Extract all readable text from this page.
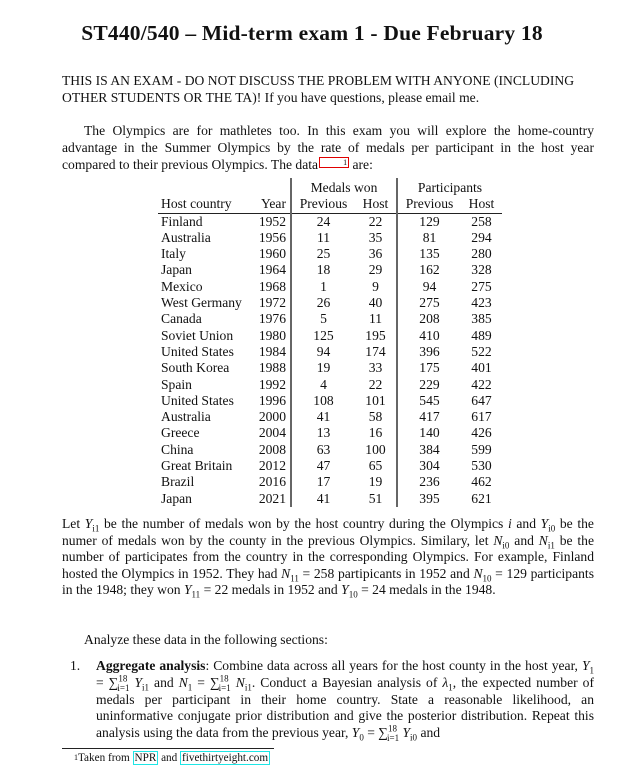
ST440/540 – Mid-term exam 1 - Due February 18
THIS IS AN EXAM - DO NOT DISCUSS THE PROBLEM WITH ANYONE (INCLUDING OTHER STUDENTS OR THE TA)! If you have questions, please email me.
The Olympics are for mathletes too. In this exam you will explore the home-country advantage in the Summer Olympics by the rate of medals per participant in the host year compared to their previous Olympics. The data	1 are:
		Medals won		Participants	
Host country	Year	Previous	Host	Previous	Host
Finland	1952	24	22	129	258
Australia	1956	11	35	81	294
Italy	1960	25	36	135	280
Japan	1964	18	29	162	328
Mexico	1968	1	9	94	275
West Germany	1972	26	40	275	423
Canada	1976	5	11	208	385
Soviet Union	1980	125	195	410	489
United States	1984	94	174	396	522
South Korea	1988	19	33	175	401
Spain	1992	4	22	229	422
United States	1996	108	101	545	647
Australia	2000	41	58	417	617
Greece	2004	13	16	140	426
China	2008	63	100	384	599
Great Britain	2012	47	65	304	530
Brazil	2016	17	19	236	462
Japan	2021	41	51	395	621
Let $Y_{i1}$ be the number of medals won by the host country during the Olympics i and $Y_{i0}$ be the numer of medals won by the county in the previous Olympics. Similary, let $N_{i0}$ and $N_{i1}$ be the number of participates from the country in the corresponding Olympics. For example, Finland hosted the Olympics in 1952. They had $N_{11} = 258$ partipicants in 1952 and $N_{10} = 129$ participants in the 1948; they won $Y_{11} = 22$ medals in 1952 and $Y_{10} = 24$ medals in the 1948.
Analyze these data in the following sections:
1. Aggregate analysis: Combine data across all years for the host county in the host year, $Y_1 = \sum^{18}_{i=1}$ $Y_{i1}$ and $N_1 = \sum^{18}_{i=1}$ $N_{i1}$. Conduct a Bayesian analysis of $\lambda_1$, the expected number of medals per participant in their home country. State a reasonable likelihood, an uninformative conjugate prior distribution and give the posterior distribution. Repeat this analysis using the data from the previous year, $Y_0 = \sum^{18}_{i=1}$ $Y_{i0}$ and
$^1$Taken from NPR and fivethirtyeight.com
